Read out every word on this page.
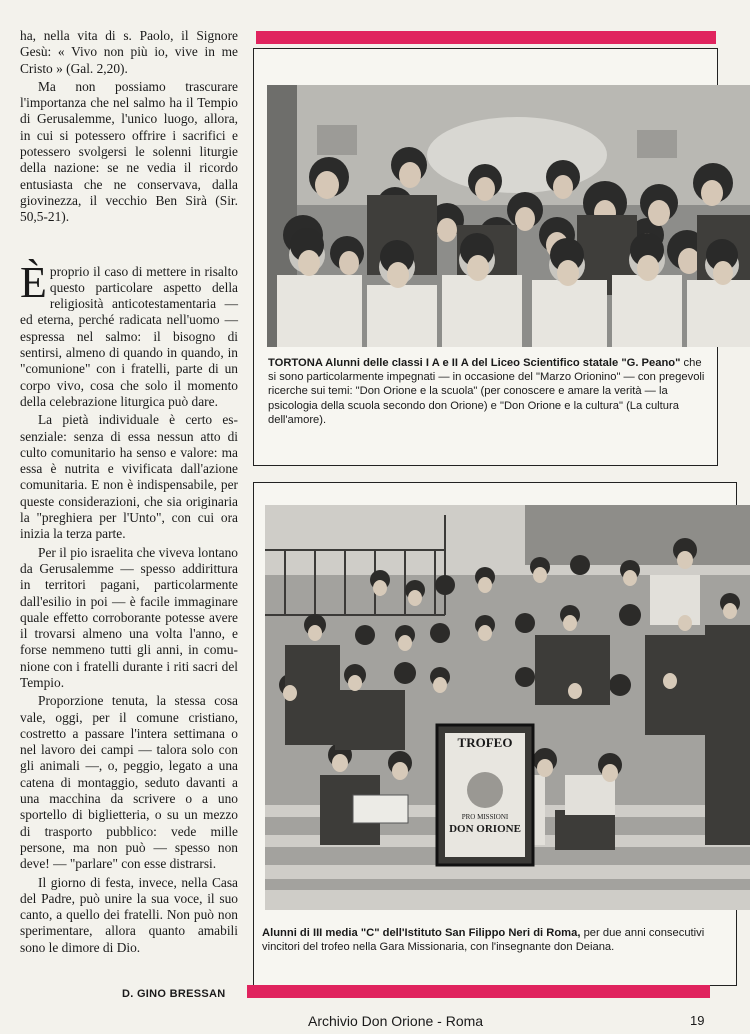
ha, nella vita di s. Paolo, il Signore Gesù: « Vivo non più io, vive in me Cristo » (Gal. 2,20).

Ma non possiamo trascurare l'importanza che nel salmo ha il Tempio di Gerusalemme, l'unico luogo, allora, in cui si potessero offrire i sacrifici e potessero svolgersi le solenni liturgie della nazione: se ne vedia il ricordo entusiasta che ne conservava, dalla giovinezza, il vecchio Ben Sirà (Sir. 50,5-21).

Èproprio il caso di mettere in risalto questo particolare aspetto della religiosità anticotestamentaria — ed eterna, perché radicata nell'uomo — espressa nel salmo: il bisogno di sentirsi, almeno di quando in quando, in "comunione" con i fratelli, parte di un corpo vivo, cosa che solo il momento della celebrazione liturgica può dare.

La pietà individuale è certo essenziale: senza di essa nessun atto di culto comunitario ha senso e valore: ma essa è nutrita e vivificata dall'azione comunitaria. E non è indispensabile, per queste considerazioni, che sia originaria la "preghiera per l'Unto", con cui ora inizia la terza parte.

Per il pio israelita che viveva lontano da Gerusalemme — spesso addirittura in territori pagani, particolarmente dall'esilio in poi — è facile immaginare quale effetto corroborante potesse avere il trovarsi almeno una volta l'anno, e forse nemmeno tutti gli anni, in comunione con i fratelli durante i riti sacri del Tempio.

Proporzione tenuta, la stessa cosa vale, oggi, per il comune cristiano, costretto a passare l'intera settimana o nel lavoro dei campi — talora solo con gli animali —, o, peggio, legato a una catena di montaggio, seduto davanti a una macchina da scrivere o a uno sportello di biglietteria, o su un mezzo di trasporto pubblico: vede mille persone, ma non può — spesso non deve! — "parlare" con esse distrarsi.

Il giorno di festa, invece, nella Casa del Padre, può unire la sua voce, il suo canto, a quello dei fratelli. Non può non sperimentare, allora quanto amabili sono le dimore di Dio.

D. GINO BRESSAN
TORTONA Alunni delle classi I A e II A del Liceo Scientifico statale "G. Peano" che si sono particolarmente impegnati — in occasione del "Marzo Orionino" — con pregevoli ricerche sui temi: "Don Orione e la scuola" (per conoscere e amare la verità — la psicologia della scuola secondo don Orione) e "Don Orione e la cultura" (La cultura dell'amore).
TROFEO
PRO MISSIONI
DON ORIONE
Alunni di III media "C" dell'Istituto San Filippo Neri di Roma, per due anni consecutivi vincitori del trofeo nella Gara Missionaria, con l'insegnante don Deiana.
Archivio Don Orione - Roma	19
